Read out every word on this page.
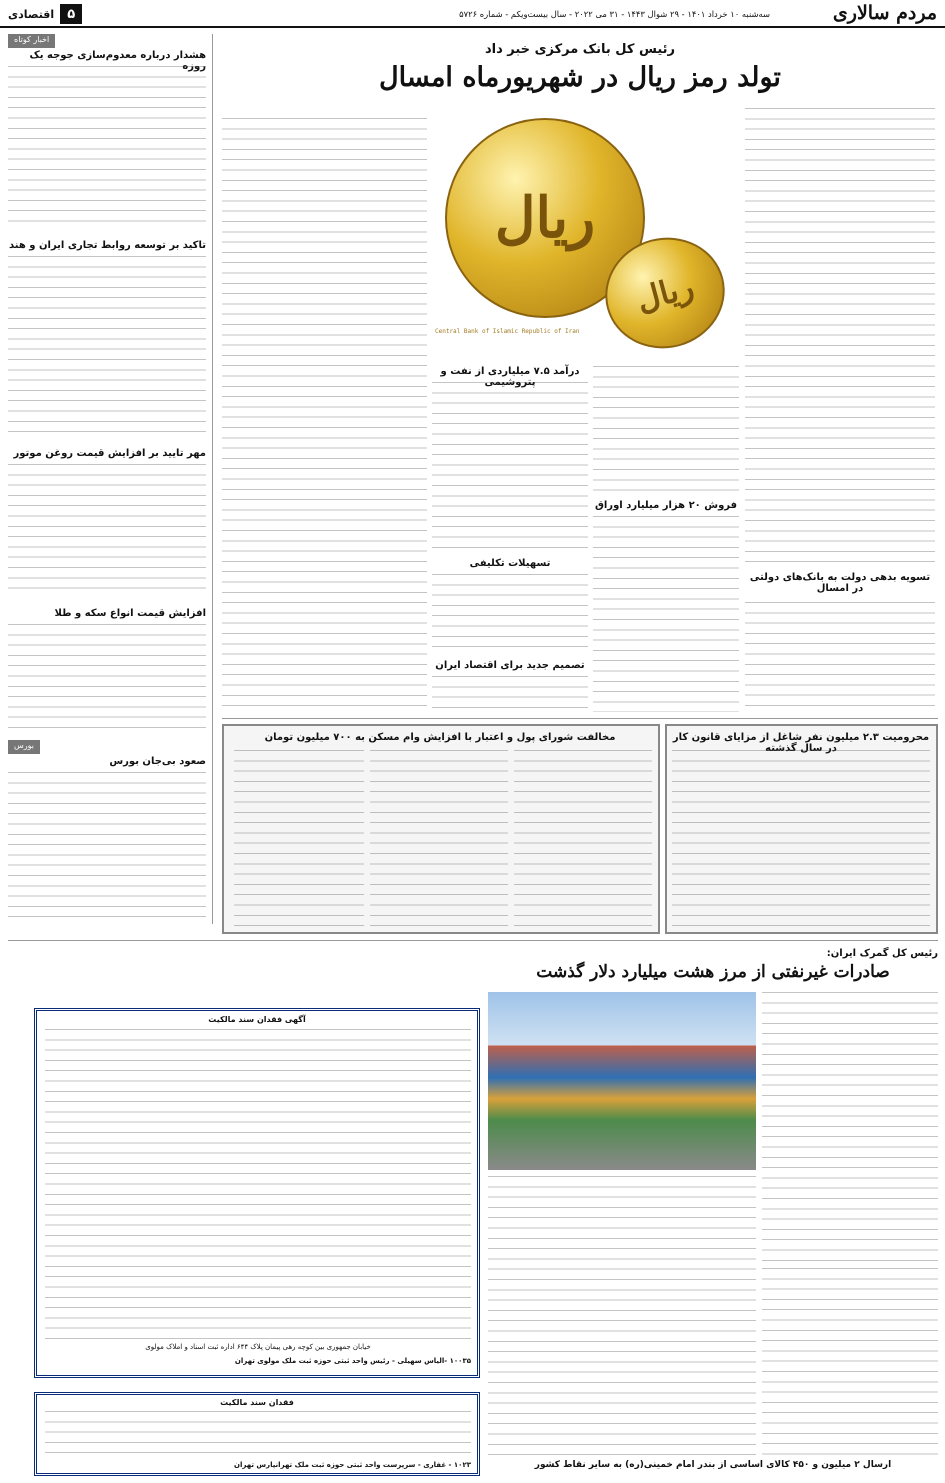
مردم سالاری
سه‌شنبه ۱۰ خرداد ۱۴۰۱ - ۲۹ شوال ۱۴۴۳ - ۳۱ می ۲۰۲۲ - سال بیست‌ویکم - شماره ۵۷۲۶
۵
اقتصادی
اخبار کوتاه
هشدار درباره معدوم‌سازی جوجه یک روزه
تاکید بر توسعه روابط تجاری ایران و هند
مهر تایید بر افزایش قیمت روغن موتور
افزایش قیمت انواع سکه و طلا
بورس
صعود بی‌جان بورس
رئیس کل بانک مرکزی خبر داد
تولد رمز ریال در شهریورماه امسال
ریال
ریال
Central Bank of Islamic Republic of Iran
تسویه بدهی دولت به بانک‌های دولتی در امسال
فروش ۲۰ هزار میلیارد اوراق
درآمد ۷.۵ میلیاردی از نفت و پتروشیمی
تسهیلات تکلیفی
تصمیم جدید برای اقتصاد ایران
محرومیت ۲.۳ میلیون نفر شاغل از مزایای قانون کار در سال گذشته
مخالفت شورای پول و اعتبار با افزایش وام مسکن به ۷۰۰ میلیون تومان
رئیس کل گمرک ایران:
صادرات غیرنفتی از مرز هشت میلیارد دلار گذشت
ارسال ۲ میلیون و ۴۵۰ کالای اساسی از بندر امام خمینی(ره) به سایر نقاط کشور
آگهی فقدان سند مالکیت
خیابان جمهوری بین کوچه رهی پیمان پلاک ۶۴۴ اداره ثبت اسناد و املاک مولوی
۱۰۰۳۵ -الیاس سهیلی - رئیس واحد ثبتی حوزه ثبت ملک مولوی تهران
فقدان سند مالکیت
۱۰۲۳ - غفاری - سرپرست واحد ثبتی حوزه ثبت ملک تهرانپارس تهران
